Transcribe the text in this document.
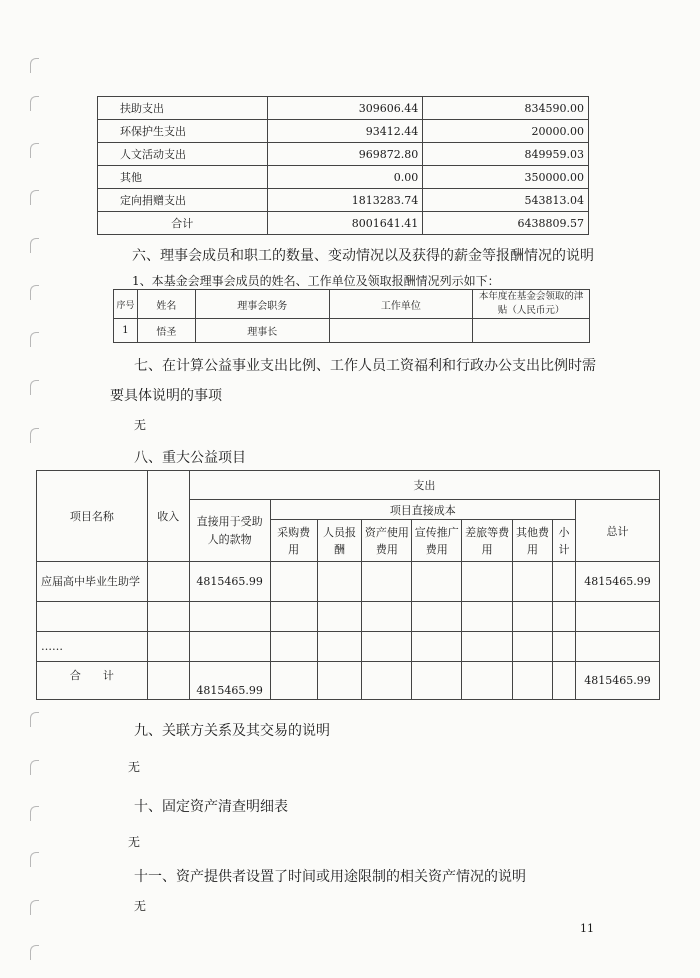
扶助支出	309606.44	834590.00
环保护生支出	93412.44	20000.00
人文活动支出	969872.80	849959.03
其他	0.00	350000.00
定向捐赠支出	1813283.74	543813.04
合计	8001641.41	6438809.57
六、理事会成员和职工的数量、变动情况以及获得的薪金等报酬情况的说明
1、本基金会理事会成员的姓名、工作单位及领取报酬情况列示如下：
序号	姓名	理事会职务	工作单位	本年度在基金会领取的津贴（人民币元）
1	悟圣	理事长		
七、在计算公益事业支出比例、工作人员工资福利和行政办公支出比例时需
要具体说明的事项
无
八、重大公益项目
项目名称	收入	支出								
		直接用于受助人的款物	项目直接成本							总计
			采购费用	人员报酬	资产使用费用	宣传推广费用	差旅等费用	其他费用	小计	
应届高中毕业生助学		4815465.99								4815465.99

……										
合　　计		4815465.99								4815465.99
九、关联方关系及其交易的说明
无
十、固定资产清查明细表
无
十一、资产提供者设置了时间或用途限制的相关资产情况的说明
无
11
